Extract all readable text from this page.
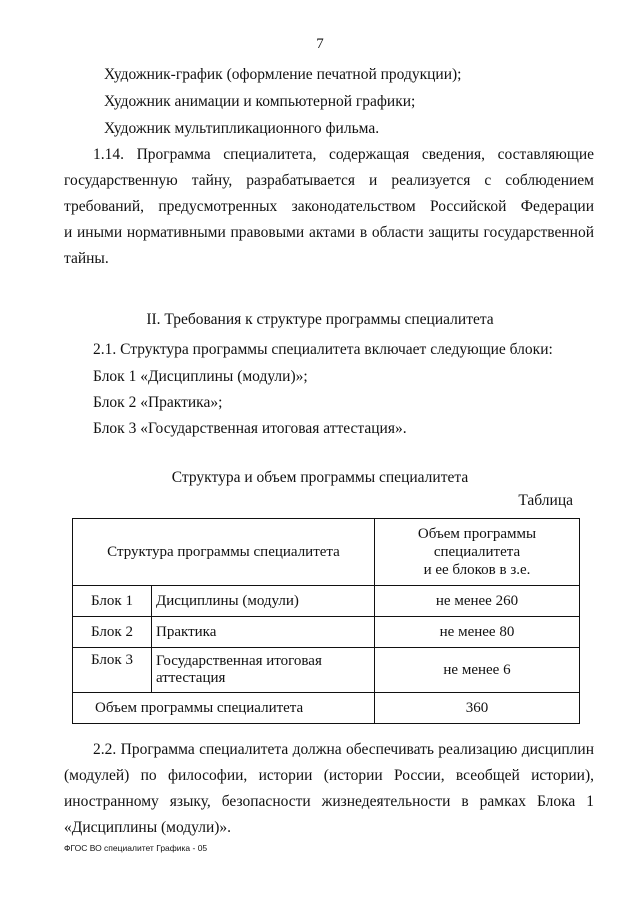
7
Художник-график (оформление печатной продукции);
Художник анимации и компьютерной графики;
Художник мультипликационного фильма.
1.14. Программа специалитета, содержащая сведения, составляющие
государственную тайну, разрабатывается и реализуется с соблюдением
требований, предусмотренных законодательством Российской Федерации
и иными нормативными правовыми актами в области защиты государственной
тайны.
II. Требования к структуре программы специалитета
2.1. Структура программы специалитета включает следующие блоки:
Блок 1 «Дисциплины (модули)»;
Блок 2 «Практика»;
Блок 3 «Государственная итоговая аттестация».
Структура и объем программы специалитета
Таблица
Структура программы специалитета		Объем программы
специалитета
и ее блоков в з.е.

Блок 1	Дисциплины (модули)	не менее 260
Блок 2	Практика	не менее 80
Блок 3	Государственная итоговая аттестация	не менее 6
Объем программы специалитета		360
2.2. Программа специалитета должна обеспечивать реализацию дисциплин
(модулей) по философии, истории (истории России, всеобщей истории),
иностранному языку, безопасности жизнедеятельности в рамках Блока 1
«Дисциплины (модули)».
ФГОС ВО специалитет Графика - 05
